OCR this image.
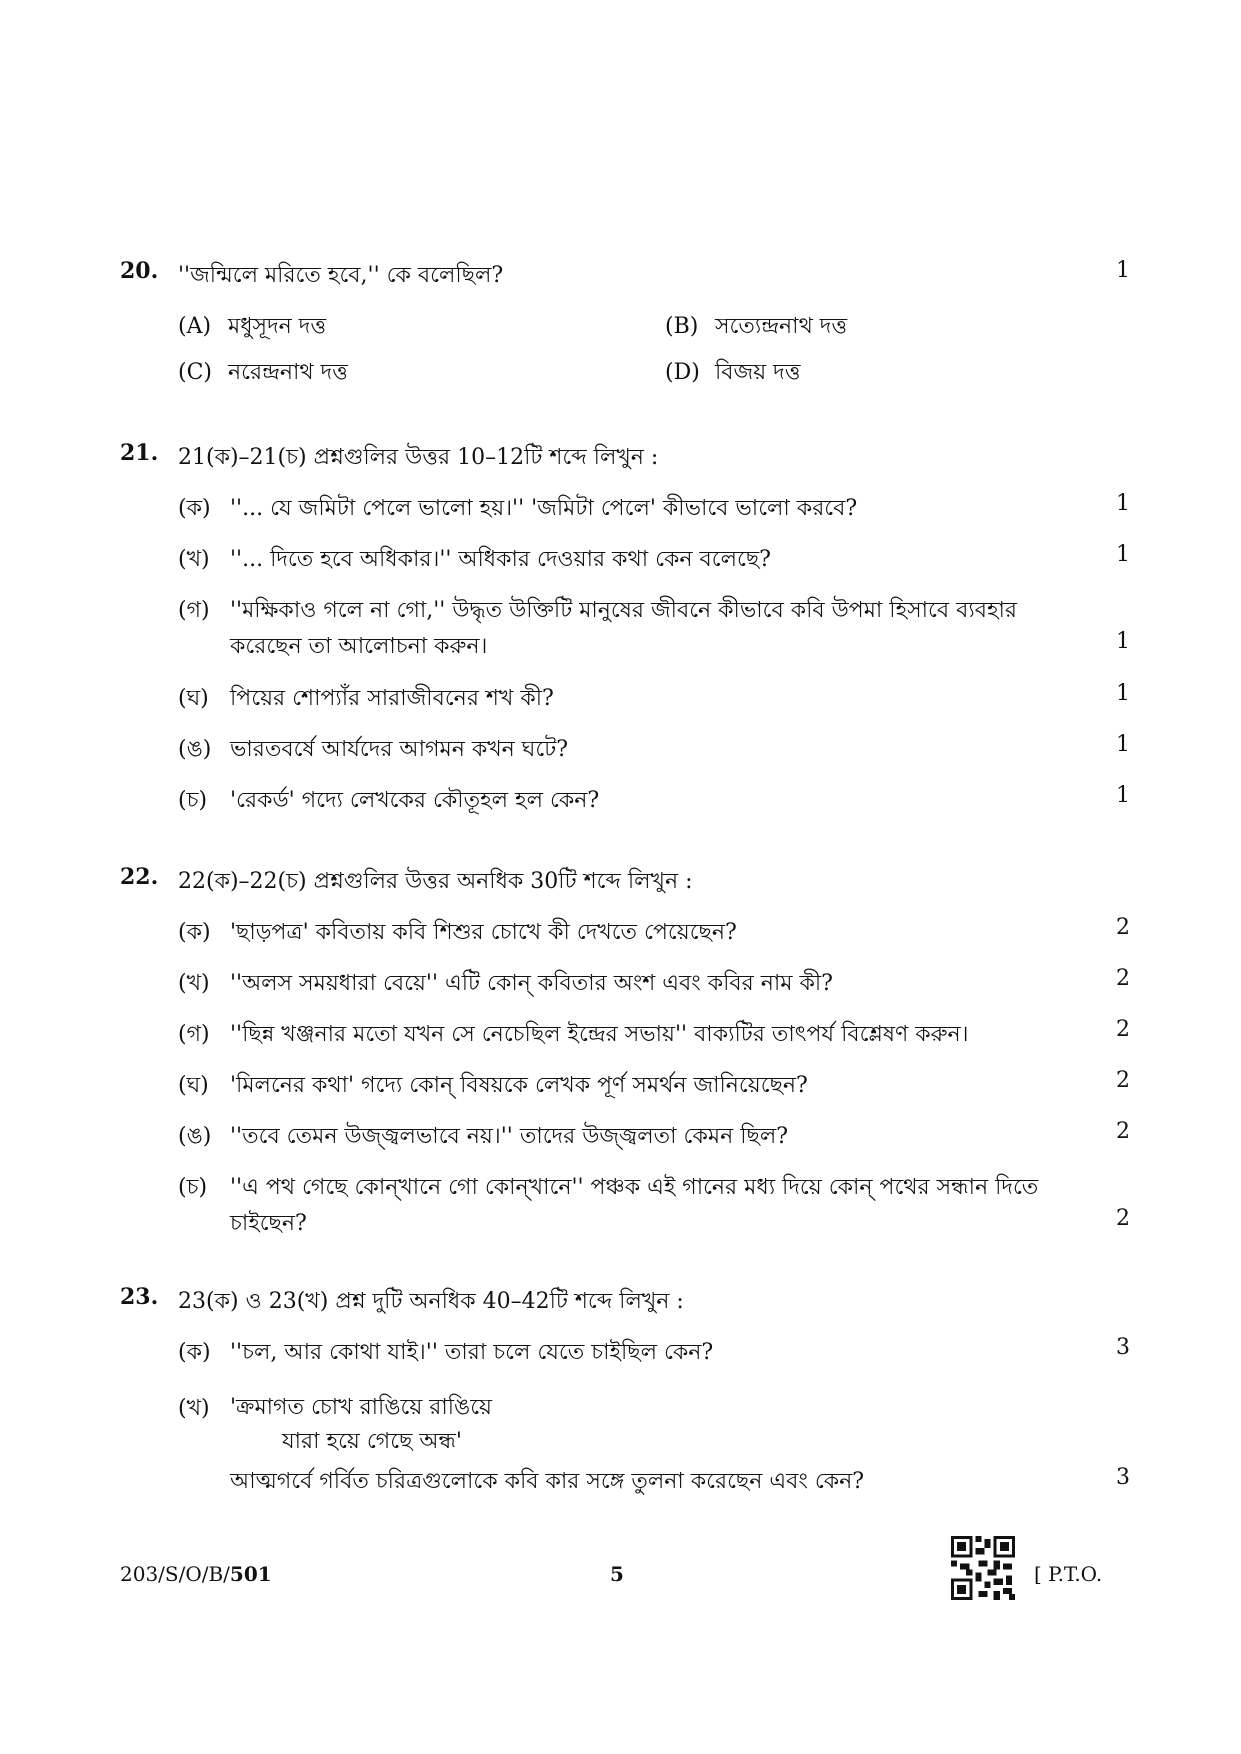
20. ''জন্মিলে মরিতে হবে,'' কে বলেছিল?	1
(A) মধুসূদন দত্ত	(B) সত্যেন্দ্রনাথ দত্ত
(C) নরেন্দ্রনাথ দত্ত	(D) বিজয় দত্ত
21. 21(ক)–21(চ) প্রশ্নগুলির উত্তর 10–12টি শব্দে লিখুন :
(ক) ''... যে জমিটা পেলে ভালো হয়।'' 'জমিটা পেলে' কীভাবে ভালো করবে?	1
(খ) ''... দিতে হবে অধিকার।'' অধিকার দেওয়ার কথা কেন বলেছে?	1
(গ) ''মক্ষিকাও গলে না গো,'' উদ্ধৃত উক্তিটি মানুষের জীবনে কীভাবে কবি উপমা হিসাবে ব্যবহার করেছেন তা আলোচনা করুন।	1
(ঘ) পিয়ের শোপ্যাঁর সারাজীবনের শখ কী?	1
(ঙ) ভারতবর্ষে আর্যদের আগমন কখন ঘটে?	1
(চ)	'রেকর্ড' গদ্যে লেখকের কৌতূহল হল কেন?	1
22. 22(ক)–22(চ) প্রশ্নগুলির উত্তর অনধিক 30টি শব্দে লিখুন :
(ক) 'ছাড়পত্র' কবিতায় কবি শিশুর চোখে কী দেখতে পেয়েছেন?	2
(খ) ''অলস সময়ধারা বেয়ে'' এটি কোন্ কবিতার অংশ এবং কবির নাম কী?	2
(গ) ''ছিন্ন খঞ্জনার মতো যখন সে নেচেছিল ইন্দ্রের সভায়'' বাক্যটির তাৎপর্য বিশ্লেষণ করুন।	2
(ঘ) 'মিলনের কথা' গদ্যে কোন্ বিষয়কে লেখক পূর্ণ সমর্থন জানিয়েছেন?	2
(ঙ) ''তবে তেমন উজ্জ্বলভাবে নয়।'' তাদের উজ্জ্বলতা কেমন ছিল?	2
(চ)	''এ পথ গেছে কোন্খানে গো কোন্খানে'' পঞ্চক এই গানের মধ্য দিয়ে কোন্ পথের সন্ধান দিতে চাইছেন?	2
23. 23(ক) ও 23(খ) প্রশ্ন দুটি অনধিক 40–42টি শব্দে লিখুন :
(ক) ''চল, আর কোথা যাই।'' তারা চলে যেতে চাইছিল কেন?	3
(খ) 'ক্রমাগত চোখ রাঙিয়ে রাঙিয়ে
যারা হয়ে গেছে অন্ধ'
আত্মগর্বে গর্বিত চরিত্রগুলোকে কবি কার সঙ্গে তুলনা করেছেন এবং কেন?	3
203/S/O/B/501	5	[ P.T.O.
